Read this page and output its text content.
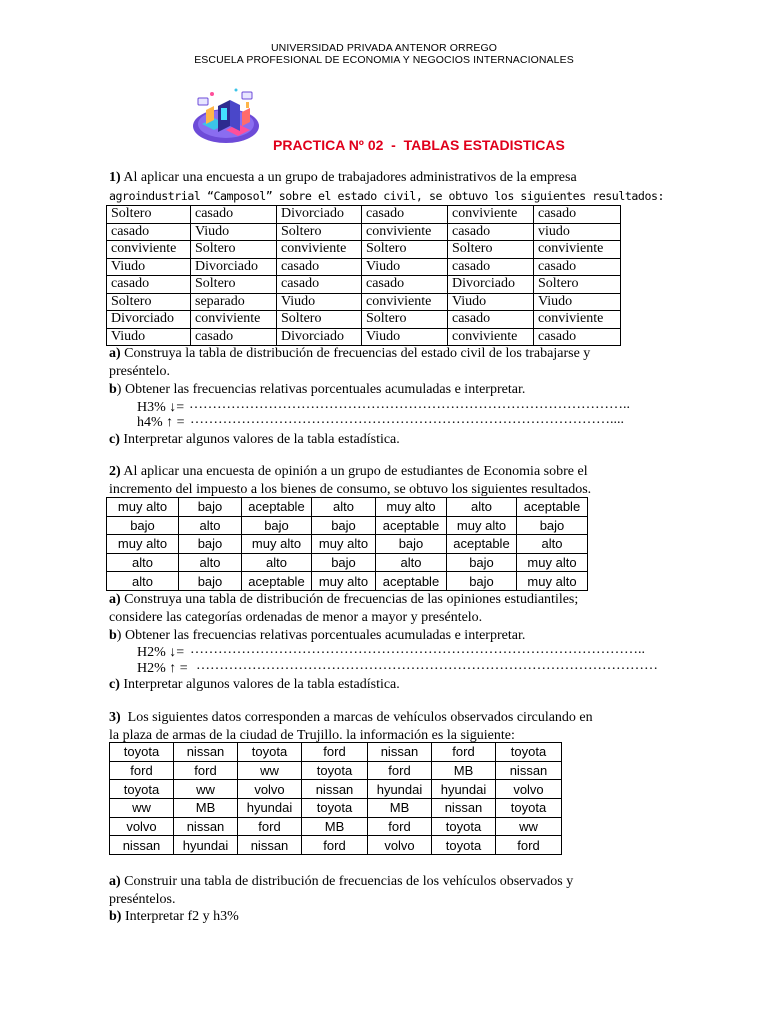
UNIVERSIDAD PRIVADA ANTENOR ORREGO
ESCUELA PROFESIONAL DE ECONOMIA Y NEGOCIOS INTERNACIONALES
PRACTICA Nº 02  -  TABLAS ESTADISTICAS
1) Al aplicar una encuesta a un grupo de trabajadores administrativos de la empresa
agroindustrial “Camposol” sobre el estado civil, se obtuvo los siguientes resultados:
Soltero	casado	Divorciado	casado	conviviente	casado
casado	Viudo	Soltero	conviviente	casado	viudo
conviviente	Soltero	conviviente	Soltero	Soltero	conviviente
Viudo	Divorciado	casado	Viudo	casado	casado
casado	Soltero	casado	casado	Divorciado	Soltero
Soltero	separado	Viudo	conviviente	Viudo	Viudo
Divorciado	conviviente	Soltero	Soltero	casado	conviviente
Viudo	casado	Divorciado	Viudo	conviviente	casado
a) Construya la tabla de distribución de frecuencias del estado civil de los trabajarse y
preséntelo.
b) Obtener las frecuencias relativas porcentuales acumuladas e interpretar.
H3% ↓= …………………………………………………………………………………..
h4% ↑ = ………………………………………………………………………………....
c) Interpretar algunos valores de la tabla estadística.
2) Al aplicar una encuesta de opinión a un grupo de estudiantes de Economia sobre el
incremento del impuesto a los bienes de consumo, se obtuvo los siguientes resultados.
muy alto	bajo	aceptable	alto	muy alto	alto	aceptable
bajo	alto	bajo	bajo	aceptable	muy alto	bajo
muy alto	bajo	muy alto	muy alto	bajo	aceptable	alto
alto	alto	alto	bajo	alto	bajo	muy alto
alto	bajo	aceptable	muy alto	aceptable	bajo	muy alto
a) Construya una tabla de distribución de frecuencias de las opiniones estudiantiles;
considere las categorías ordenadas de menor a mayor y preséntelo.
b) Obtener las frecuencias relativas porcentuales acumuladas e interpretar.
H2% ↓= ……………………………………………………………………………………..
H2% ↑ = ………………………………………………………………………………………
c) Interpretar algunos valores de la tabla estadística.
3) Los siguientes datos corresponden a marcas de vehículos observados circulando en
la plaza de armas de la ciudad de Trujillo. la información es la siguiente:
toyota	nissan	toyota	ford	nissan	ford	toyota
ford	ford	ww	toyota	ford	MB	nissan
toyota	ww	volvo	nissan	hyundai	hyundai	volvo
ww	MB	hyundai	toyota	MB	nissan	toyota
volvo	nissan	ford	MB	ford	toyota	ww
nissan	hyundai	nissan	ford	volvo	toyota	ford
a) Construir una tabla de distribución de frecuencias de los vehículos observados y
preséntelos.
b) Interpretar f2 y h3%
